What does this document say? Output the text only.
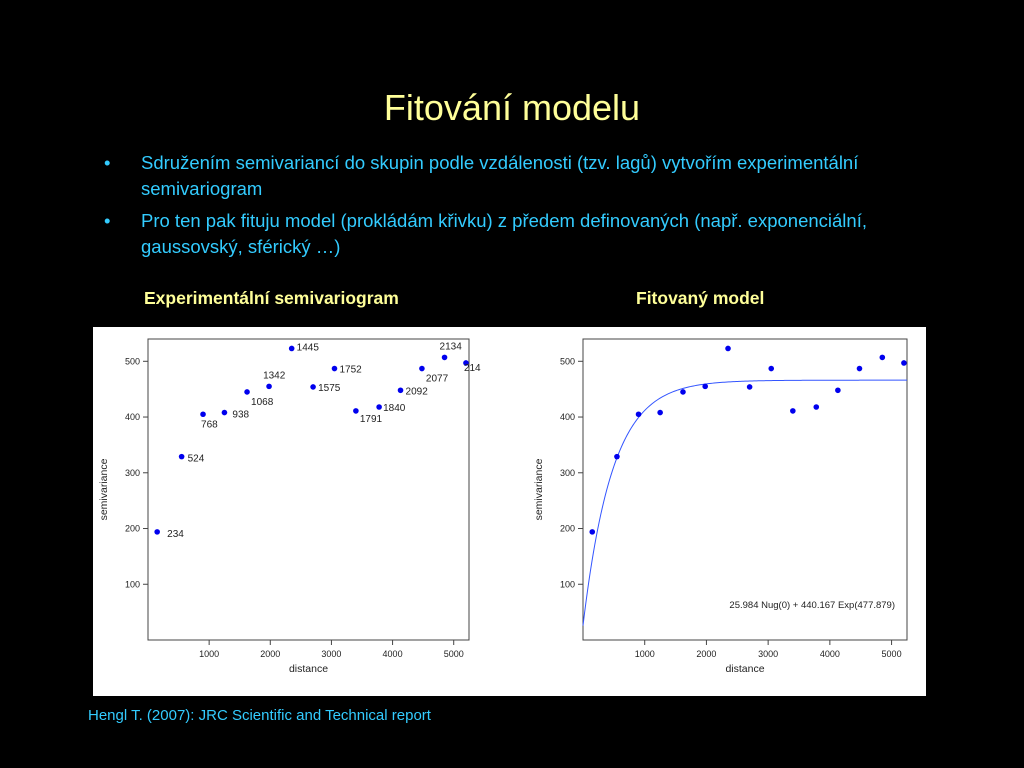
Fitování modelu
• Sdružením semivariancí do skupin podle vzdálenosti (tzv. lagů) vytvořím experimentální semivariogram
• Pro ten pak fituju model (prokládám křivku) z předem definovaných (např. exponenciální, gaussovský, sférický …)
Experimentální semivariogram	Fitovaný model
100
200
300
400
500
1000	2000	3000	4000	5000
distance
semivariance
234
524
768
938
1068
1342
1445
1575
1752
1791
1840
2092
2077
2134
214
100
200
300
400
500
1000	2000	3000	4000	5000
distance
semivariance
25.984 Nug(0) + 440.167 Exp(477.879)
Hengl T. (2007): JRC Scientific and Technical report
